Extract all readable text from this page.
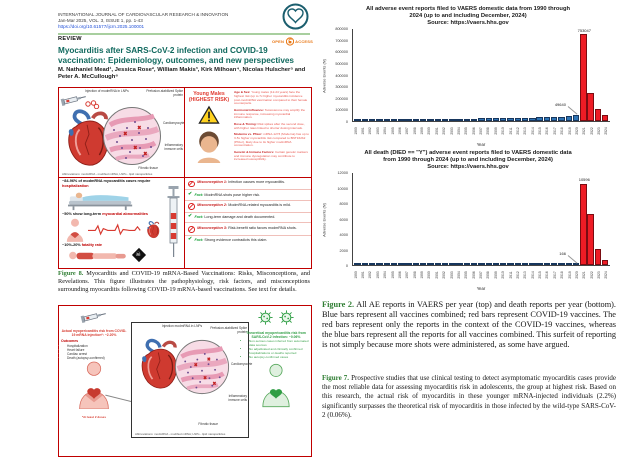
INTERNATIONAL JOURNAL OF CARDIOVASCULAR RESEARCH & INNOVATION
Jan-Mar 2025, VOL. 3, ISSUE 1, pp. 1-43
https://doi.org/10.61577/ijcrn.2025.100001
REVIEW	OPEN	ACCESS
Myocarditis after SARS-CoV-2 infection and COVID-19 vaccination: Epidemiology, outcomes, and new perspectives
M. Nathaniel Mead¹, Jessica Rose², William Makis³, Kirk Milhoan⁴, Nicolas Hulscher⁵ and Peter A. McCullough⁶
Injection of modmRNA in LNPs	Prefusion-stabilized Spike protein
Cardiomyocyte
Inflammatory immune cells
Fibrotic tissue
Abbreviations: modmRNA - modified mRNA, LNPs - lipid nanoparticles
Young Males
(HIGHEST RISK)

Age & Sex: Young males (12-24 years) face the highest risk (up to 7x higher myocarditis incidence post-modmRNA vaccination compared to their female counterparts.
Hormonal influence: Testosterone may amplify the immune response, increasing myocardial inflammation.
Dose & Timing: Risk spikes after the second dose, with higher rates linked to shorter dosing intervals.
Moderna vs. Pfizer: mRNA-1273 (Moderna) has up to 3-5x higher myocarditis risk compared to BNT162b2 (Pfizer), likely due to its higher modmRNA concentration.
Genetic & Immune Factors: Certain genetic markers and immune dysregulation may contribute to increased susceptibility.
~84-96% of modmRNA myocarditis cases require hospitalization
~50% show long-term myocardial abnormalities
~10%-20% fatality rate
☠
Misconception 1: Infection causes more myocarditis.
✔ Fact: ModmRNA shots pose higher risk.
Misconception 2: ModmRNA-related myocarditis is mild.
✔ Fact: Long-term damage and death documented.
Misconception 3: Risk-benefit ratio favors modmRNA shots.
✔ Fact: Strong evidence contradicts this claim.
Figure 8. Myocarditis and COVID-19 mRNA-Based Vaccinations: Risks, Misconceptions, and Revelations. This figure illustrates the pathophysiology, risk factors, and misconceptions surrounding myocarditis following COVID-19 mRNA-based vaccinations. See text for details.
Actual myopericarditis risk from COVID-19 mRNA injection*: ~2.20%
Outcomes
• Hospitalization
• Heart failure
• Cardiac arrest
• Death (autopsy-confirmed)
*At least 2 doses
Injection modmRNA in LNPs	Prefusion-stabilized Spike protein
Cardiomyocyte
Inflammatory immune cells
Fibrotic tissue
Abbreviations: modmRNA - modified mRNA; LNPs - lipid nanoparticles

Theoretical myopericarditis risk from SARS-CoV-2 infection: ~0.06%
• Non-serious cases inferred from automated data sources
• No adjudicated and clinically confirmed hospitalizations or deaths reported
• No autopsy-confirmed cases
All adverse event reports filed to VAERS domestic data from 1990 through
2024 (up to and including December, 2024)
Source: https://vaers.hhs.gov
Adverse Events (N)
0
100000
200000
300000
400000
500000
600000
700000
800000	753047
49640
1990 1991 1992 1993 1994 1995 1996 1997 1998 1999 2000 2001 2002 2003 2004 2005 2006 2007 2008 2009 2010 2011 2012 2013 2014 2015 2016 2017 2018 2019 2020 2021 2022 2023 2024
Year
All death (DIED == "Y") adverse event reports filed to VAERS domestic data
from 1990 through 2024 (up to and including December, 2024)
Source: https://vaers.hhs.gov
Adverse Events (N)
0
2000
4000
6000
8000
10000
12000
10596
166
1990 1991 1992 1993 1994 1995 1996 1997 1998 1999 2000 2001 2002 2003 2004 2005 2006 2007 2008 2009 2010 2011 2012 2013 2014 2015 2016 2017 2018 2019 2020 2021 2022 2023 2024
Year
Figure 2. All AE reports in VAERS per year (top) and death reports per year (bottom). Blue bars represent all vaccines combined; red bars represent COVID-19 vaccines. The red bars represent only the reports in the context of the COVID-19 vaccines, whereas the blue bars represent all the reports for all vaccines combined. This surfeit of reporting is not simply because more shots were administered, as some have argued.
Figure 7. Prospective studies that use clinical testing to detect asymptomatic myocarditis cases provide the most reliable data for assessing myocarditis risk in adolescents, the group at highest risk. Based on this research, the actual risk of myocarditis in these younger mRNA-injected individuals (2.2%) significantly surpasses the theoretical risk of myocarditis in those infected by the wild-type SARS-CoV-2 (0.06%).
